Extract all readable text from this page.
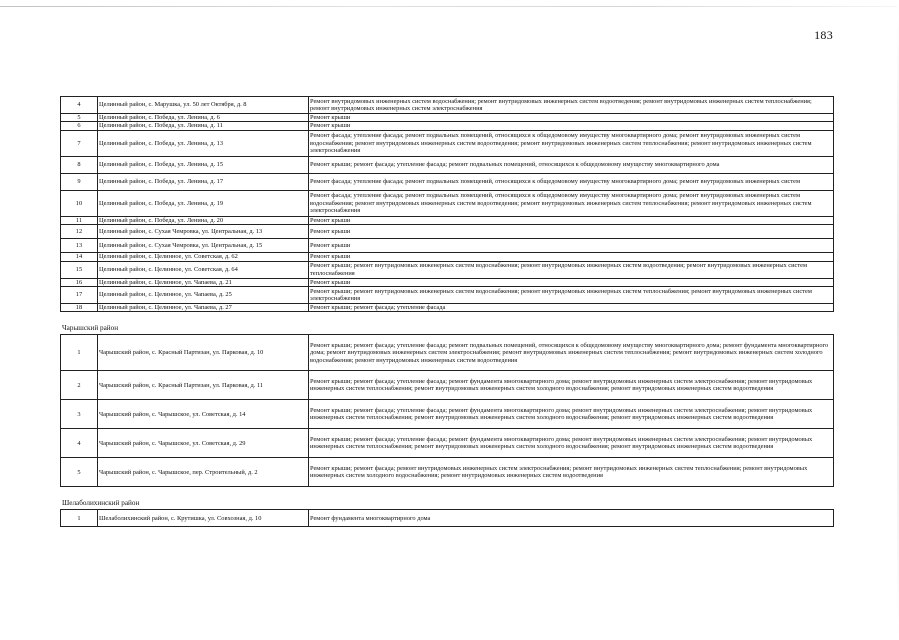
183
4	Целинный район, с. Марушка, ул. 50 лет Октября, д. 8	Ремонт внутридомовых инженерных систем водоснабжения; ремонт внутридомовых инженерных систем водоотведения; ремонт внутридомовых инженерных систем теплоснабжения; ремонт внутридомовых инженерных систем электроснабжения
5	Целинный район, с. Победа, ул. Ленина, д. 6	Ремонт крыши
6	Целинный район, с. Победа, ул. Ленина, д. 11	Ремонт крыши
7	Целинный район, с. Победа, ул. Ленина, д. 13	Ремонт фасада; утепление фасада; ремонт подвальных помещений, относящихся к общедомовому имуществу многоквартирного дома; ремонт внутридомовых инженерных систем водоснабжения; ремонт внутридомовых инженерных систем водоотведения; ремонт внутридомовых инженерных систем теплоснабжения; ремонт внутридомовых инженерных систем электроснабжения
8	Целинный район, с. Победа, ул. Ленина, д. 15	Ремонт крыши; ремонт фасада; утепление фасада; ремонт подвальных помещений, относящихся к общедомовому имуществу многоквартирного дома
9	Целинный район, с. Победа, ул. Ленина, д. 17	Ремонт фасада; утепление фасада; ремонт подвальных помещений, относящихся к общедомовому имуществу многоквартирного дома; ремонт внутридомовых инженерных систем
10	Целинный район, с. Победа, ул. Ленина, д. 19	Ремонт фасада; утепление фасада; ремонт подвальных помещений, относящихся к общедомовому имуществу многоквартирного дома; ремонт внутридомовых инженерных систем водоснабжения; ремонт внутридомовых инженерных систем водоотведения; ремонт внутридомовых инженерных систем теплоснабжения; ремонт внутридомовых инженерных систем электроснабжения
11	Целинный район, с. Победа, ул. Ленина, д. 20	Ремонт крыши
12	Целинный район, с. Сухая Чемровка, ул. Центральная, д. 13	Ремонт крыши
13	Целинный район, с. Сухая Чемровка, ул. Центральная, д. 15	Ремонт крыши
14	Целинный район, с. Целинное, ул. Советская, д. 62	Ремонт крыши
15	Целинный район, с. Целинное, ул. Советская, д. 64	Ремонт крыши; ремонт внутридомовых инженерных систем водоснабжения; ремонт внутридомовых инженерных систем водоотведения; ремонт внутридомовых инженерных систем теплоснабжения
16	Целинный район, с. Целинное, ул. Чапаева, д. 21	Ремонт крыши
17	Целинный район, с. Целинное, ул. Чапаева, д. 25	Ремонт крыши; ремонт внутридомовых инженерных систем водоснабжения; ремонт внутридомовых инженерных систем теплоснабжения; ремонт внутридомовых инженерных систем электроснабжения
18	Целинный район, с. Целинное, ул. Чапаева, д. 27	Ремонт крыши; ремонт фасада; утепление фасада
Чарышский район
1	Чарышский район, с. Красный Партизан, ул. Парковая, д. 10	Ремонт крыши; ремонт фасада; утепление фасада; ремонт подвальных помещений, относящихся к общедомовому имуществу многоквартирного дома; ремонт фундамента многоквартирного дома; ремонт внутридомовых инженерных систем электроснабжения; ремонт внутридомовых инженерных систем теплоснабжения; ремонт внутридомовых инженерных систем холодного водоснабжения; ремонт внутридомовых инженерных систем водоотведения
2	Чарышский район, с. Красный Партизан, ул. Парковая, д. 11	Ремонт крыши; ремонт фасада; утепление фасада; ремонт фундамента многоквартирного дома; ремонт внутридомовых инженерных систем электроснабжения; ремонт внутридомовых инженерных систем теплоснабжения; ремонт внутридомовых инженерных систем холодного водоснабжения; ремонт внутридомовых инженерных систем водоотведения
3	Чарышский район, с. Чарышское, ул. Советская, д. 14	Ремонт крыши; ремонт фасада; утепление фасада; ремонт фундамента многоквартирного дома; ремонт внутридомовых инженерных систем электроснабжения; ремонт внутридомовых инженерных систем теплоснабжения; ремонт внутридомовых инженерных систем холодного водоснабжения; ремонт внутридомовых инженерных систем водоотведения
4	Чарышский район, с. Чарышское, ул. Советская, д. 29	Ремонт крыши; ремонт фасада; утепление фасада; ремонт фундамента многоквартирного дома; ремонт внутридомовых инженерных систем электроснабжения; ремонт внутридомовых инженерных систем теплоснабжения; ремонт внутридомовых инженерных систем холодного водоснабжения; ремонт внутридомовых инженерных систем водоотведения
5	Чарышский район, с. Чарышское, пер. Строительный, д. 2	Ремонт крыши; ремонт фасада; ремонт внутридомовых инженерных систем электроснабжения; ремонт внутридомовых инженерных систем теплоснабжения; ремонт внутридомовых инженерных систем холодного водоснабжения; ремонт внутридомовых инженерных систем водоотведения
Шелаболихинский район
1	Шелаболихинский район, с. Крутишка, ул. Совхозная, д. 10	Ремонт фундамента многоквартирного дома
